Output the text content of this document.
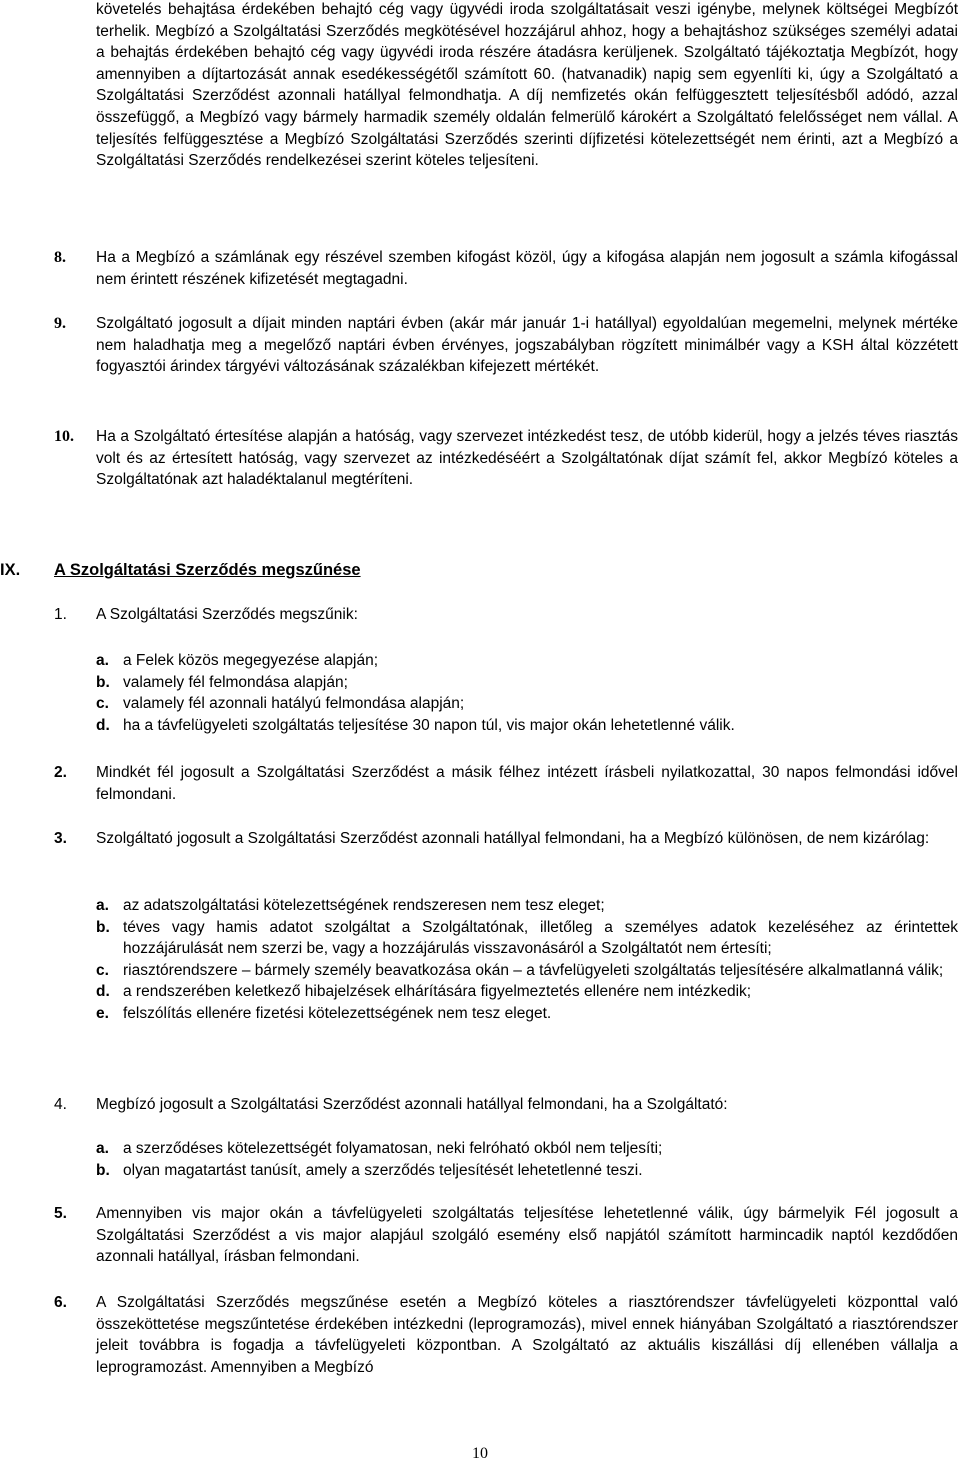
követelés behajtása érdekében behajtó cég vagy ügyvédi iroda szolgáltatásait veszi igénybe, melynek költségei Megbízót terhelik. Megbízó a Szolgáltatási Szerződés megkötésével hozzájárul ahhoz, hogy a behajtáshoz szükséges személyi adatai a behajtás érdekében behajtó cég vagy ügyvédi iroda részére átadásra kerüljenek. Szolgáltató tájékoztatja Megbízót, hogy amennyiben a díjtartozását annak esedékességétől számított 60. (hatvanadik) napig sem egyenlíti ki, úgy a Szolgáltató a Szolgáltatási Szerződést azonnali hatállyal felmondhatja. A díj nemfizetés okán felfüggesztett teljesítésből adódó, azzal összefüggő, a Megbízó vagy bármely harmadik személy oldalán felmerülő károkért a Szolgáltató felelősséget nem vállal. A teljesítés felfüggesztése a Megbízó Szolgáltatási Szerződés szerinti díjfizetési kötelezettségét nem érinti, azt a Megbízó a Szolgáltatási Szerződés rendelkezései szerint köteles teljesíteni.

8. Ha a Megbízó a számlának egy részével szemben kifogást közöl, úgy a kifogása alapján nem jogosult a számla kifogással nem érintett részének kifizetését megtagadni.

9. Szolgáltató jogosult a díjait minden naptári évben (akár már január 1-i hatállyal) egyoldalúan megemelni, melynek mértéke nem haladhatja meg a megelőző naptári évben érvényes, jogszabályban rögzített minimálbér vagy a KSH által közzétett fogyasztói árindex tárgyévi változásának százalékban kifejezett mértékét.

10. Ha a Szolgáltató értesítése alapján a hatóság, vagy szervezet intézkedést tesz, de utóbb kiderül, hogy a jelzés téves riasztás volt és az értesített hatóság, vagy szervezet az intézkedéséért a Szolgáltatónak díjat számít fel, akkor Megbízó köteles a Szolgáltatónak azt haladéktalanul megtéríteni.

IX. A Szolgáltatási Szerződés megszűnése
1. A Szolgáltatási Szerződés megszűnik:
a. a Felek közös megegyezése alapján;
b. valamely fél felmondása alapján;
c. valamely fél azonnali hatályú felmondása alapján;
d. ha a távfelügyeleti szolgáltatás teljesítése 30 napon túl, vis major okán lehetetlenné válik.
2. Mindkét fél jogosult a Szolgáltatási Szerződést a másik félhez intézett írásbeli nyilatkozattal, 30 napos felmondási idővel felmondani.

3. Szolgáltató jogosult a Szolgáltatási Szerződést azonnali hatállyal felmondani, ha a Megbízó különösen, de nem kizárólag:

a. az adatszolgáltatási kötelezettségének rendszeresen nem tesz eleget;
b. téves vagy hamis adatot szolgáltat a Szolgáltatónak, illetőleg a személyes adatok kezeléséhez az érintettek hozzájárulását nem szerzi be, vagy a hozzájárulás visszavonásáról a Szolgáltatót nem értesíti;
c. riasztórendszere – bármely személy beavatkozása okán – a távfelügyeleti szolgáltatás teljesítésére alkalmatlanná válik;
d. a rendszerében keletkező hibajelzések elhárítására figyelmeztetés ellenére nem intézkedik;
e. felszólítás ellenére fizetési kötelezettségének nem tesz eleget.
4. Megbízó jogosult a Szolgáltatási Szerződést azonnali hatállyal felmondani, ha a Szolgáltató:
a. a szerződéses kötelezettségét folyamatosan, neki felróható okból nem teljesíti;
b. olyan magatartást tanúsít, amely a szerződés teljesítését lehetetlenné teszi.
5. Amennyiben vis major okán a távfelügyeleti szolgáltatás teljesítése lehetetlenné válik, úgy bármelyik Fél jogosult a Szolgáltatási Szerződést a vis major alapjául szolgáló esemény első napjától számított harmincadik naptól kezdődően azonnali hatállyal, írásban felmondani.

6. A Szolgáltatási Szerződés megszűnése esetén a Megbízó köteles a riasztórendszer távfelügyeleti központtal való összeköttetése megszűntetése érdekében intézkedni (leprogramozás), mivel ennek hiányában Szolgáltató a riasztórendszer jeleit továbbra is fogadja a távfelügyeleti központban. A Szolgáltató az aktuális kiszállási díj ellenében vállalja a leprogramozást. Amennyiben a Megbízó

10
